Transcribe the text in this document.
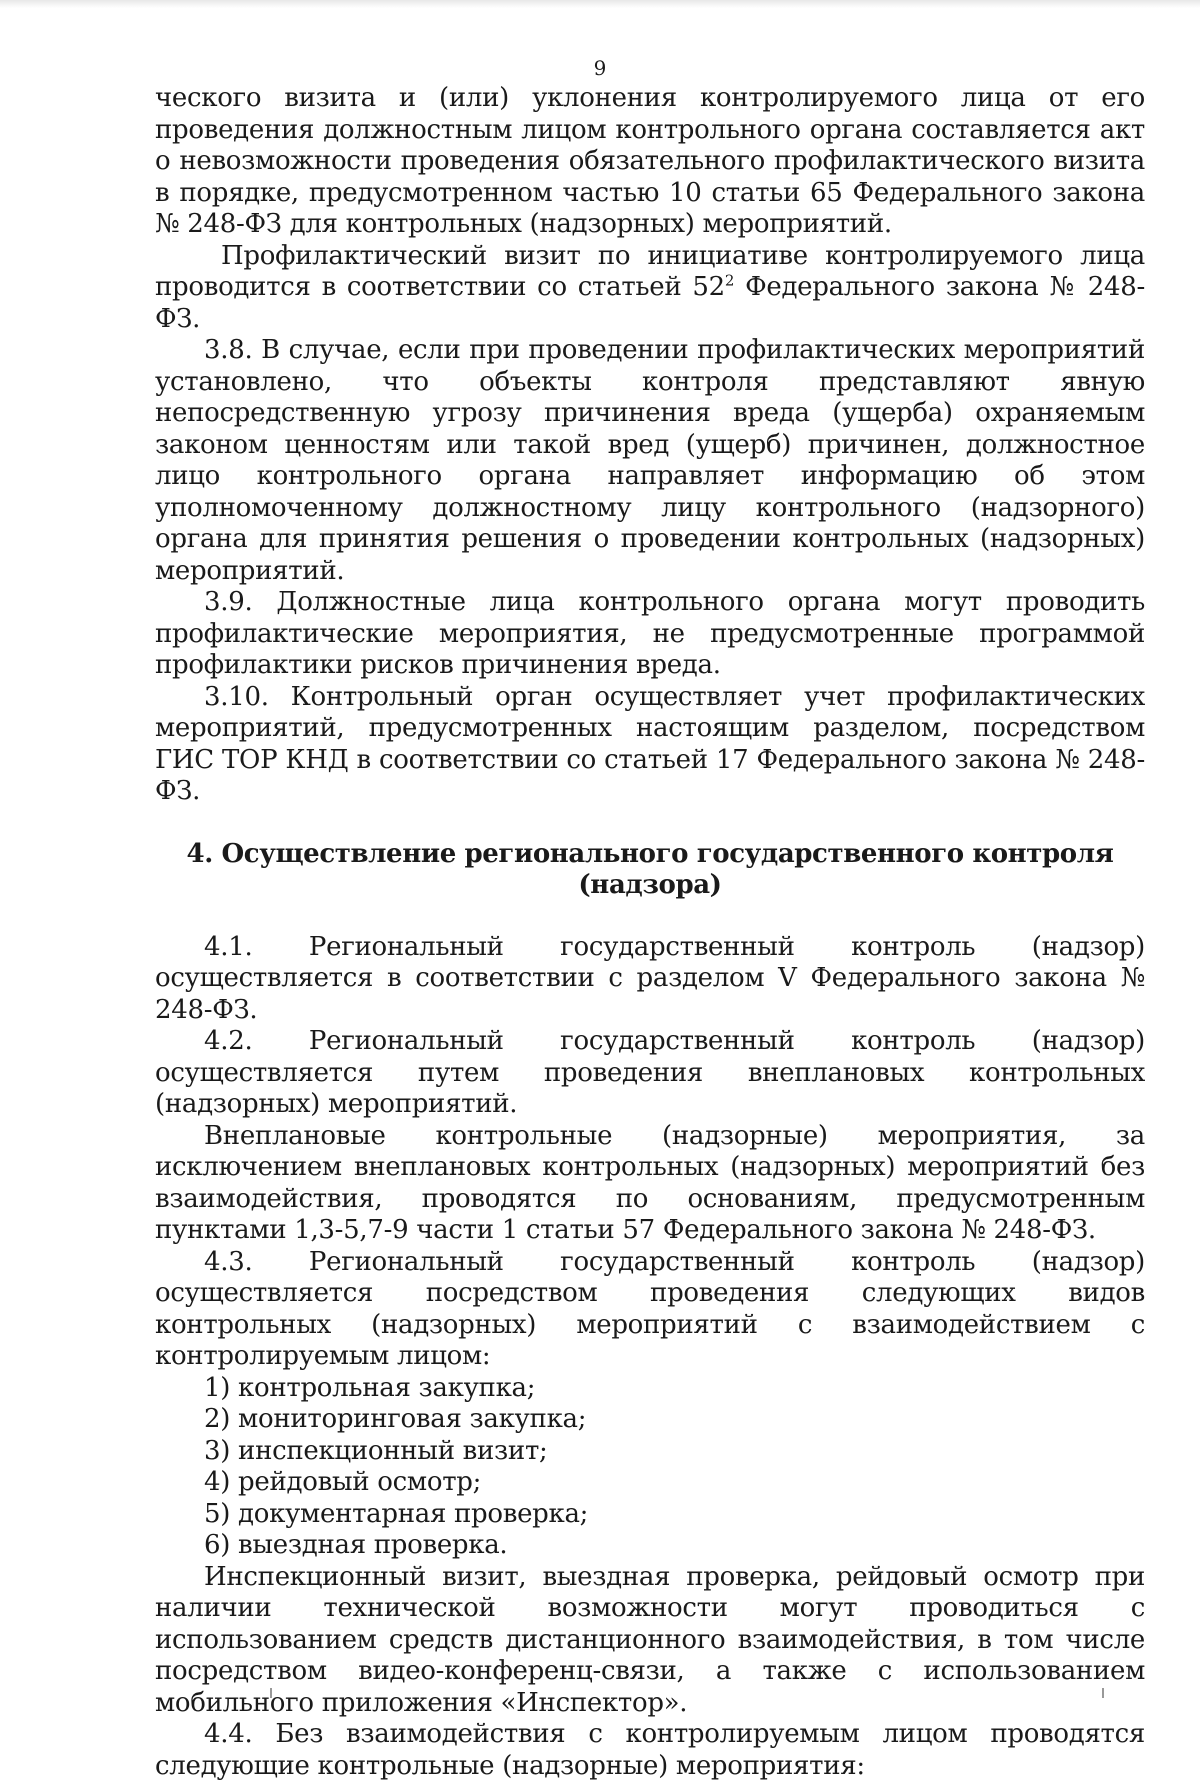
9

ческого визита и (или) уклонения контролируемого лица от его проведения должностным лицом контрольного органа составляется акт о невозможности проведения обязательного профилактического визита в порядке, предусмотренном частью 10 статьи 65 Федерального закона № 248-ФЗ для контрольных (надзорных) мероприятий.

Профилактический визит по инициативе контролируемого лица проводится в соответствии со статьей $52^2$ Федерального закона № 248-ФЗ.

3.8. В случае, если при проведении профилактических мероприятий установлено, что объекты контроля представляют явную непосредственную угрозу причинения вреда (ущерба) охраняемым законом ценностям или такой вред (ущерб) причинен, должностное лицо контрольного органа направляет информацию об этом уполномоченному должностному лицу контрольного (надзорного) органа для принятия решения о проведении контрольных (надзорных) мероприятий.

3.9. Должностные лица контрольного органа могут проводить профилактические мероприятия, не предусмотренные программой профилактики рисков причинения вреда.

3.10. Контрольный орган осуществляет учет профилактических мероприятий, предусмотренных настоящим разделом, посредством ГИС ТОР КНД в соответствии со статьей 17 Федерального закона № 248-ФЗ.

4. Осуществление регионального государственного контроля (надзора)

4.1. Региональный государственный контроль (надзор) осуществляется в соответствии с разделом V Федерального закона № 248-ФЗ.

4.2. Региональный государственный контроль (надзор) осуществляется путем проведения внеплановых контрольных (надзорных) мероприятий.

Внеплановые контрольные (надзорные) мероприятия, за исключением внеплановых контрольных (надзорных) мероприятий без взаимодействия, проводятся по основаниям, предусмотренным пунктами 1,3-5,7-9 части 1 статьи 57 Федерального закона № 248-ФЗ.

4.3. Региональный государственный контроль (надзор) осуществляется посредством проведения следующих видов контрольных (надзорных) мероприятий с взаимодействием с контролируемым лицом:

1) контрольная закупка;

2) мониторинговая закупка;

3) инспекционный визит;

4) рейдовый осмотр;

5) документарная проверка;

6) выездная проверка.

Инспекционный визит, выездная проверка, рейдовый осмотр при наличии технической возможности могут проводиться с использованием средств дистанционного взаимодействия, в том числе посредством видео-конференц-связи, а также с использованием мобильного приложения «Инспектор».

4.4. Без взаимодействия с контролируемым лицом проводятся следующие контрольные (надзорные) мероприятия:
